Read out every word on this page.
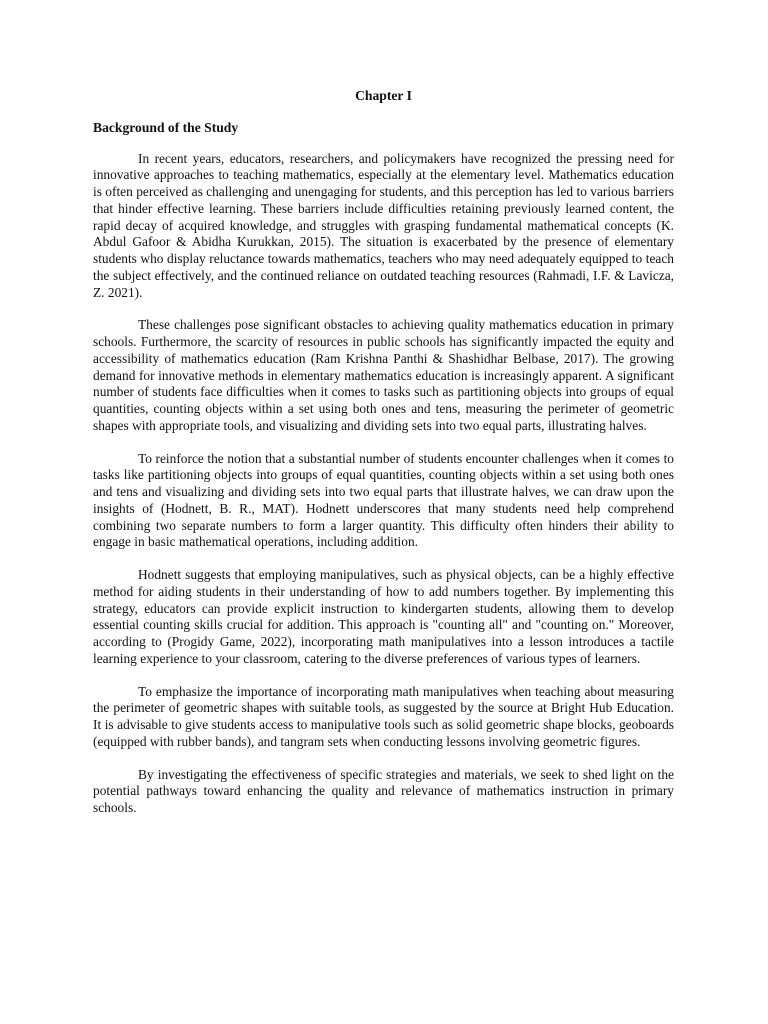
Chapter I
Background of the Study

In recent years, educators, researchers, and policymakers have recognized the pressing need for innovative approaches to teaching mathematics, especially at the elementary level. Mathematics education is often perceived as challenging and unengaging for students, and this perception has led to various barriers that hinder effective learning. These barriers include difficulties retaining previously learned content, the rapid decay of acquired knowledge, and struggles with grasping fundamental mathematical concepts (K. Abdul Gafoor & Abidha Kurukkan, 2015). The situation is exacerbated by the presence of elementary students who display reluctance towards mathematics, teachers who may need adequately equipped to teach the subject effectively, and the continued reliance on outdated teaching resources (Rahmadi, I.F. & Lavicza, Z. 2021).

These challenges pose significant obstacles to achieving quality mathematics education in primary schools. Furthermore, the scarcity of resources in public schools has significantly impacted the equity and accessibility of mathematics education (Ram Krishna Panthi & Shashidhar Belbase, 2017). The growing demand for innovative methods in elementary mathematics education is increasingly apparent. A significant number of students face difficulties when it comes to tasks such as partitioning objects into groups of equal quantities, counting objects within a set using both ones and tens, measuring the perimeter of geometric shapes with appropriate tools, and visualizing and dividing sets into two equal parts, illustrating halves.

To reinforce the notion that a substantial number of students encounter challenges when it comes to tasks like partitioning objects into groups of equal quantities, counting objects within a set using both ones and tens and visualizing and dividing sets into two equal parts that illustrate halves, we can draw upon the insights of (Hodnett, B. R., MAT). Hodnett underscores that many students need help comprehend combining two separate numbers to form a larger quantity. This difficulty often hinders their ability to engage in basic mathematical operations, including addition.

Hodnett suggests that employing manipulatives, such as physical objects, can be a highly effective method for aiding students in their understanding of how to add numbers together. By implementing this strategy, educators can provide explicit instruction to kindergarten students, allowing them to develop essential counting skills crucial for addition. This approach is "counting all" and "counting on." Moreover, according to (Progidy Game, 2022), incorporating math manipulatives into a lesson introduces a tactile learning experience to your classroom, catering to the diverse preferences of various types of learners.

To emphasize the importance of incorporating math manipulatives when teaching about measuring the perimeter of geometric shapes with suitable tools, as suggested by the source at Bright Hub Education. It is advisable to give students access to manipulative tools such as solid geometric shape blocks, geoboards (equipped with rubber bands), and tangram sets when conducting lessons involving geometric figures.

By investigating the effectiveness of specific strategies and materials, we seek to shed light on the potential pathways toward enhancing the quality and relevance of mathematics instruction in primary schools.
